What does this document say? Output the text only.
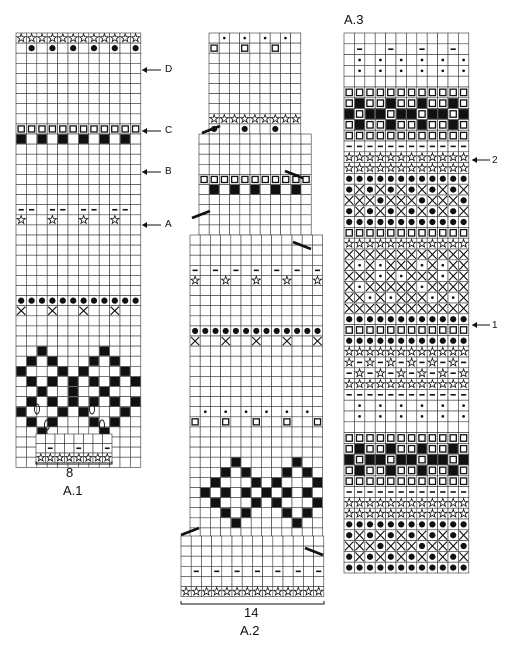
A.3
A.1
A.2
8
14
D
C
B
A
2
1
